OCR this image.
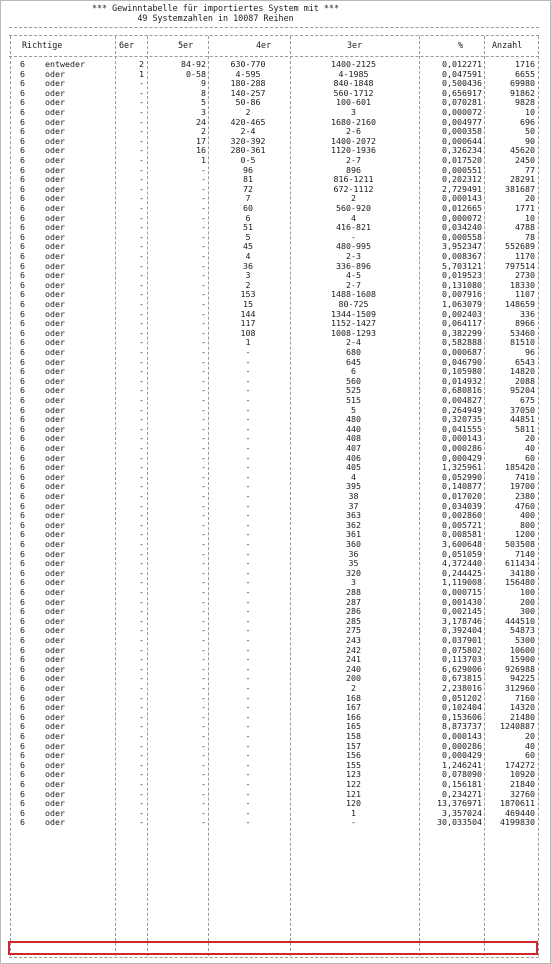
*** Gewinntabelle für importiertes System mit ***
49 Systemzahlen in 10087 Reihen
Richtige	6er	5er	4er	3er	%	Anzahl
6	entweder	2	84-92	630-770	1400-2125	0,012271	1716
6	oder	1	0-58	4-595	4-1985	0,047591	6655
6	oder	-	9	180-288	840-1848	0,500436	69980
6	oder	-	8	140-257	560-1712	0,656917	91862
6	oder	-	5	50-86	100-601	0,070281	9828
6	oder	-	3	2	3	0,000072	10
6	oder	-	24	420-465	1680-2160	0,004977	696
6	oder	-	2	2-4	2-6	0,000358	50
6	oder	-	17	320-392	1400-2072	0,000644	90
6	oder	-	16	280-361	1120-1936	0,326234	45620
6	oder	-	1	0-5	2-7	0,017520	2450
6	oder	-	-	96	896	0,000551	77
6	oder	-	-	81	816-1211	0,202312	28291
6	oder	-	-	72	672-1112	2,729491	381687
6	oder	-	-	7	2	0,000143	20
6	oder	-	-	60	560-920	0,012665	1771
6	oder	-	-	6	4	0,000072	10
6	oder	-	-	51	416-821	0,034240	4788
6	oder	-	-	5	-	0,000558	78
6	oder	-	-	45	480-995	3,952347	552689
6	oder	-	-	4	2-3	0,008367	1170
6	oder	-	-	36	336-896	5,703121	797514
6	oder	-	-	3	4-5	0,019523	2730
6	oder	-	-	2	2-7	0,131080	18330
6	oder	-	-	153	1488-1608	0,007916	1107
6	oder	-	-	15	80-725	1,063079	148659
6	oder	-	-	144	1344-1509	0,002403	336
6	oder	-	-	117	1152-1427	0,064117	8966
6	oder	-	-	108	1008-1293	0,382299	53460
6	oder	-	-	1	2-4	0,582888	81510
6	oder	-	-	-	680	0,000687	96
6	oder	-	-	-	645	0,046790	6543
6	oder	-	-	-	6	0,105980	14820
6	oder	-	-	-	560	0,014932	2088
6	oder	-	-	-	525	0,680816	95204
6	oder	-	-	-	515	0,004827	675
6	oder	-	-	-	5	0,264949	37050
6	oder	-	-	-	480	0,320735	44851
6	oder	-	-	-	440	0,041555	5811
6	oder	-	-	-	408	0,000143	20
6	oder	-	-	-	407	0,000286	40
6	oder	-	-	-	406	0,000429	60
6	oder	-	-	-	405	1,325961	185420
6	oder	-	-	-	4	0,052990	7410
6	oder	-	-	-	395	0,140877	19700
6	oder	-	-	-	38	0,017020	2380
6	oder	-	-	-	37	0,034039	4760
6	oder	-	-	-	363	0,002860	400
6	oder	-	-	-	362	0,005721	800
6	oder	-	-	-	361	0,008581	1200
6	oder	-	-	-	360	3,600648	503508
6	oder	-	-	-	36	0,051059	7140
6	oder	-	-	-	35	4,372440	611434
6	oder	-	-	-	320	0,244425	34180
6	oder	-	-	-	3	1,119008	156480
6	oder	-	-	-	288	0,000715	100
6	oder	-	-	-	287	0,001430	200
6	oder	-	-	-	286	0,002145	300
6	oder	-	-	-	285	3,178746	444510
6	oder	-	-	-	275	0,392404	54873
6	oder	-	-	-	243	0,037901	5300
6	oder	-	-	-	242	0,075802	10600
6	oder	-	-	-	241	0,113703	15900
6	oder	-	-	-	240	6,629006	926988
6	oder	-	-	-	200	0,673815	94225
6	oder	-	-	-	2	2,238016	312960
6	oder	-	-	-	168	0,051202	7160
6	oder	-	-	-	167	0,102404	14320
6	oder	-	-	-	166	0,153606	21480
6	oder	-	-	-	165	8,873737	1240887
6	oder	-	-	-	158	0,000143	20
6	oder	-	-	-	157	0,000286	40
6	oder	-	-	-	156	0,000429	60
6	oder	-	-	-	155	1,246241	174272
6	oder	-	-	-	123	0,078090	10920
6	oder	-	-	-	122	0,156181	21840
6	oder	-	-	-	121	0,234271	32760
6	oder	-	-	-	120	13,376971	1870611
6	oder	-	-	-	1	3,357024	469440
6	oder	-	-	-	-	30,033504	4199830
